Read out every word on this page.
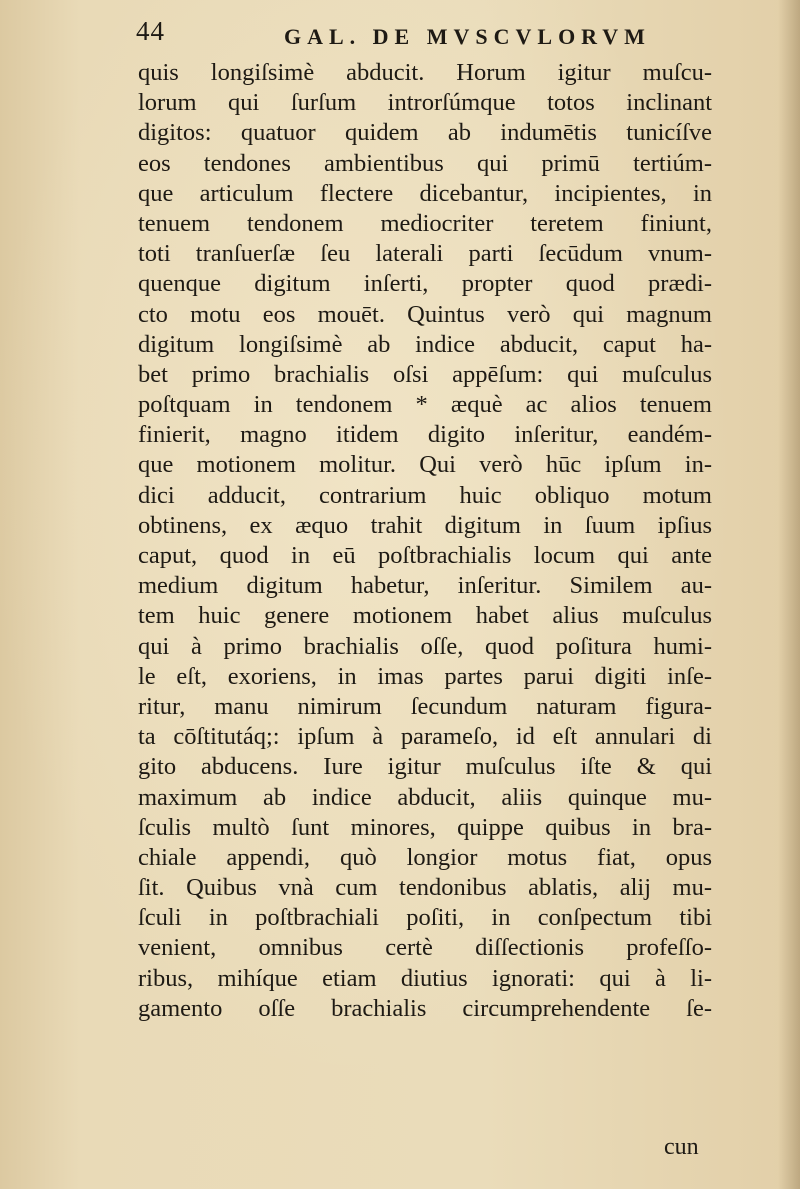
44	GAL. DE MVSCVLORVM
quis longiſsimè abducit. Horum igitur muſcu-
lorum qui ſurſum introrſúmque totos inclinant
digitos: quatuor quidem ab indumētis tunicíſve
eos tendones ambientibus qui primū tertiúm-
que articulum flectere dicebantur, incipientes, in
tenuem tendonem mediocriter teretem finiunt,
toti tranſuerſæ ſeu laterali parti ſecūdum vnum-
quenque digitum inſerti, propter quod prædi-
cto motu eos mouēt. Quintus verò qui magnum
digitum longiſsimè ab indice abducit, caput ha-
bet primo brachialis oſsi appēſum: qui muſculus
poſtquam in tendonem * æquè ac alios tenuem
finierit, magno itidem digito inſeritur, eandém-
que motionem molitur. Qui verò hūc ipſum in-
dici adducit, contrarium huic obliquo motum
obtinens, ex æquo trahit digitum in ſuum ipſius
caput, quod in eū poſtbrachialis locum qui ante
medium digitum habetur, inſeritur. Similem au-
tem huic genere motionem habet alius muſculus
qui à primo brachialis oſſe, quod poſitura humi-
le eſt, exoriens, in imas partes parui digiti inſe-
ritur, manu nimirum ſecundum naturam figura-
ta cōſtitutáq;: ipſum à parameſo, id eſt annulari di
gito abducens. Iure igitur muſculus iſte & qui
maximum ab indice abducit, aliis quinque mu-
ſculis multò ſunt minores, quippe quibus in bra-
chiale appendi, quò longior motus fiat, opus
ſit. Quibus vnà cum tendonibus ablatis, alij mu-
ſculi in poſtbrachiali poſiti, in conſpectum tibi
venient, omnibus certè diſſectionis profeſſo-
ribus, mihíque etiam diutius ignorati: qui à li-
gamento oſſe brachialis circumprehendente ſe-
cun
